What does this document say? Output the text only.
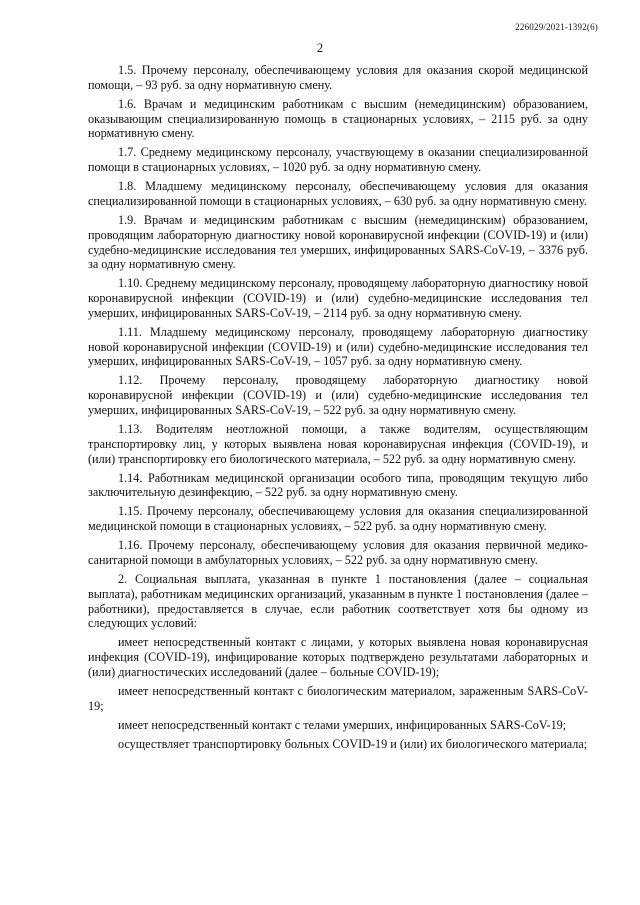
226029/2021-1392(6)
2

1.5. Прочему персоналу, обеспечивающему условия для оказания скорой медицинской помощи, – 93 руб. за одну нормативную смену.

1.6. Врачам и медицинским работникам с высшим (немедицинским) образованием, оказывающим специализированную помощь в стационарных условиях, – 2115 руб. за одну нормативную смену.

1.7. Среднему медицинскому персоналу, участвующему в оказании специализированной помощи в стационарных условиях, – 1020 руб. за одну нормативную смену.

1.8. Младшему медицинскому персоналу, обеспечивающему условия для оказания специализированной помощи в стационарных условиях, – 630 руб. за одну нормативную смену.

1.9. Врачам и медицинским работникам с высшим (немедицинским) образованием, проводящим лабораторную диагностику новой коронавирусной инфекции (COVID-19) и (или) судебно-медицинские исследования тел умерших, инфицированных SARS-CoV-19, – 3376 руб. за одну нормативную смену.

1.10. Среднему медицинскому персоналу, проводящему лабораторную диагностику новой коронавирусной инфекции (COVID-19) и (или) судебно-медицинские исследования тел умерших, инфицированных SARS-CoV-19, – 2114 руб. за одну нормативную смену.

1.11. Младшему медицинскому персоналу, проводящему лабораторную диагностику новой коронавирусной инфекции (COVID-19) и (или) судебно-медицинские исследования тел умерших, инфицированных SARS-CoV-19, – 1057 руб. за одну нормативную смену.

1.12. Прочему персоналу, проводящему лабораторную диагностику новой коронавирусной инфекции (COVID-19) и (или) судебно-медицинские исследования тел умерших, инфицированных SARS-CoV-19, – 522 руб. за одну нормативную смену.

1.13. Водителям неотложной помощи, а также водителям, осуществляющим транспортировку лиц, у которых выявлена новая коронавирусная инфекция (COVID-19), и (или) транспортировку его биологического материала, – 522 руб. за одну нормативную смену.

1.14. Работникам медицинской организации особого типа, проводящим текущую либо заключительную дезинфекцию, – 522 руб. за одну нормативную смену.

1.15. Прочему персоналу, обеспечивающему условия для оказания специализированной медицинской помощи в стационарных условиях, – 522 руб. за одну нормативную смену.

1.16. Прочему персоналу, обеспечивающему условия для оказания первичной медико-санитарной помощи в амбулаторных условиях, – 522 руб. за одну нормативную смену.

2. Социальная выплата, указанная в пункте 1 постановления (далее – социальная выплата), работникам медицинских организаций, указанным в пункте 1 постановления (далее – работники), предоставляется в случае, если работник соответствует хотя бы одному из следующих условий:

имеет непосредственный контакт с лицами, у которых выявлена новая коронавирусная инфекция (COVID-19), инфицирование которых подтверждено результатами лабораторных и (или) диагностических исследований (далее – больные COVID-19);

имеет непосредственный контакт с биологическим материалом, зараженным SARS-CoV-19;

имеет непосредственный контакт с телами умерших, инфицированных SARS-CoV-19;

осуществляет транспортировку больных COVID-19 и (или) их биологического материала;
